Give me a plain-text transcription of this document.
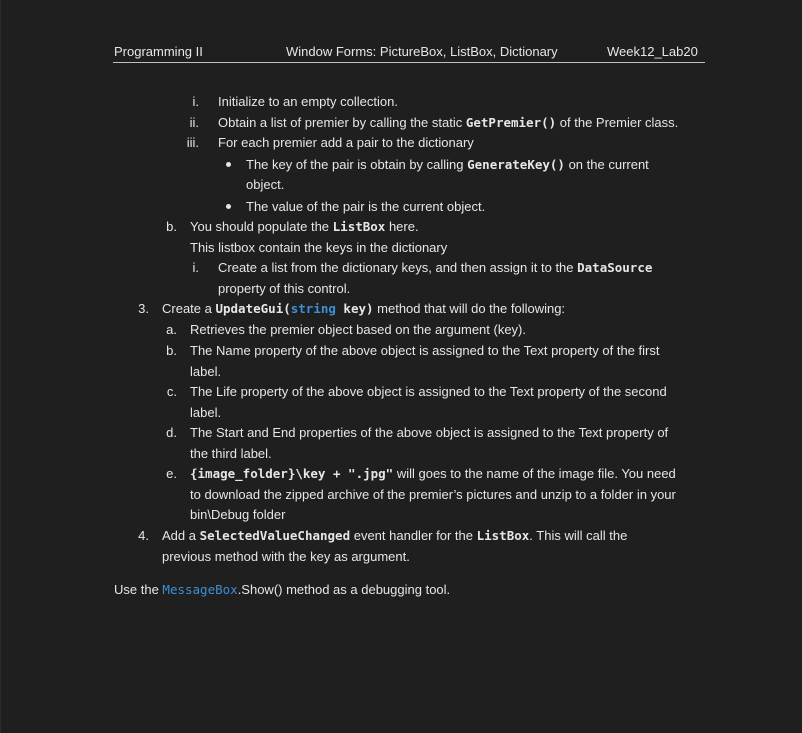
Programming II	Window Forms: PictureBox, ListBox, Dictionary	Week12_Lab20
i. Initialize to an empty collection.
ii. Obtain a list of premier by calling the static GetPremier() of the Premier class.
iii. For each premier add a pair to the dictionary
The key of the pair is obtain by calling GenerateKey() on the current
object.
The value of the pair is the current object.
b. You should populate the ListBox here.
This listbox contain the keys in the dictionary
i. Create a list from the dictionary keys, and then assign it to the DataSource
property of this control.
3. Create a UpdateGui(string key) method that will do the following:
a. Retrieves the premier object based on the argument (key).
b. The Name property of the above object is assigned to the Text property of the first
label.
c. The Life property of the above object is assigned to the Text property of the second
label.
d. The Start and End properties of the above object is assigned to the Text property of
the third label.
e. {image_folder}\key + ".jpg" will goes to the name of the image file. You need
to download the zipped archive of the premier’s pictures and unzip to a folder in your
bin\Debug folder
4. Add a SelectedValueChanged event handler for the ListBox. This will call the
previous method with the key as argument.
Use the MessageBox.Show() method as a debugging tool.
